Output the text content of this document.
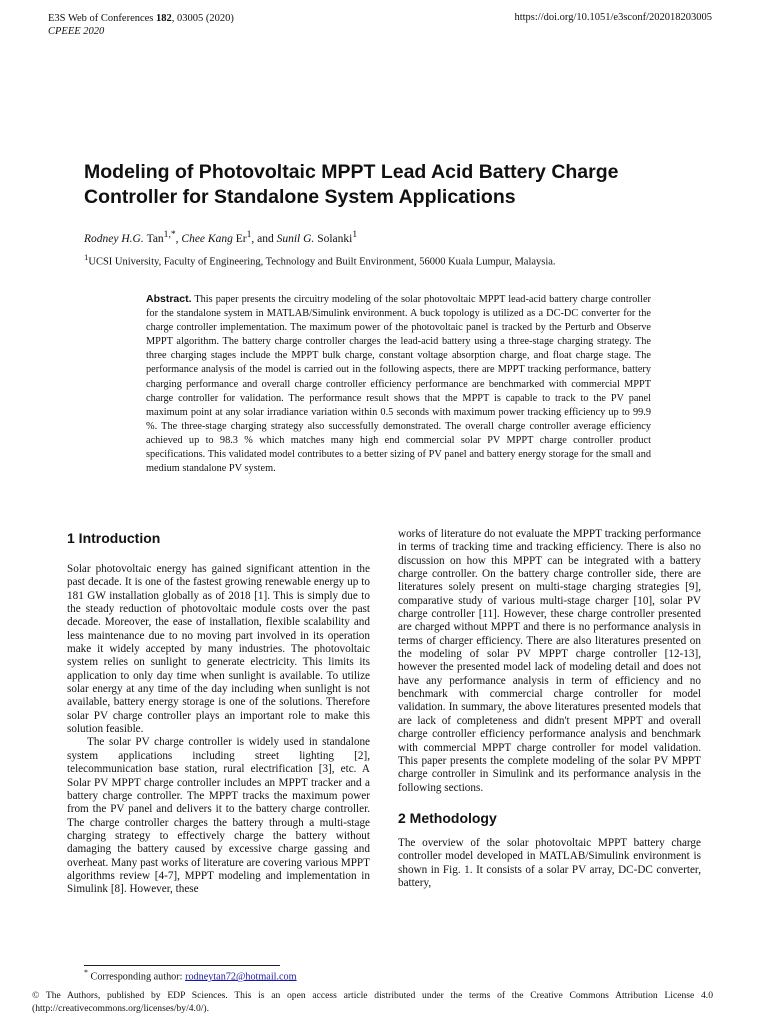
E3S Web of Conferences 182, 03005 (2020)
CPEEE 2020
https://doi.org/10.1051/e3sconf/202018203005
Modeling of Photovoltaic MPPT Lead Acid Battery Charge Controller for Standalone System Applications
Rodney H.G. Tan$^{1,*}$, Chee Kang Er$^1$, and Sunil G. Solanki$^1$
$^1$UCSI University, Faculty of Engineering, Technology and Built Environment, 56000 Kuala Lumpur, Malaysia.

Abstract. This paper presents the circuitry modeling of the solar photovoltaic MPPT lead-acid battery charge controller for the standalone system in MATLAB/Simulink environment. A buck topology is utilized as a DC-DC converter for the charge controller implementation. The maximum power of the photovoltaic panel is tracked by the Perturb and Observe MPPT algorithm. The battery charge controller charges the lead-acid battery using a three-stage charging strategy. The three charging stages include the MPPT bulk charge, constant voltage absorption charge, and float charge stage. The performance analysis of the model is carried out in the following aspects, there are MPPT tracking performance, battery charging performance and overall charge controller efficiency performance are benchmarked with commercial MPPT charge controller for validation. The performance result shows that the MPPT is capable to track to the PV panel maximum point at any solar irradiance variation within 0.5 seconds with maximum power tracking efficiency up to 99.9 %. The three-stage charging strategy also successfully demonstrated. The overall charge controller average efficiency achieved up to 98.3 % which matches many high end commercial solar PV MPPT charge controller product specifications. This validated model contributes to a better sizing of PV panel and battery energy storage for the small and medium standalone PV system.

1 Introduction

Solar photovoltaic energy has gained significant attention in the past decade. It is one of the fastest growing renewable energy up to 181 GW installation globally as of 2018 [1]. This is simply due to the steady reduction of photovoltaic module costs over the past decade. Moreover, the ease of installation, flexible scalability and less maintenance due to no moving part involved in its operation make it widely accepted by many industries. The photovoltaic system relies on sunlight to generate electricity. This limits its application to only day time when sunlight is available. To utilize solar energy at any time of the day including when sunlight is not available, battery energy storage is one of the solutions. Therefore solar PV charge controller plays an important role to make this solution feasible.

The solar PV charge controller is widely used in standalone system applications including street lighting [2], telecommunication base station, rural electrification [3], etc. A Solar PV MPPT charge controller includes an MPPT tracker and a battery charge controller. The MPPT tracks the maximum power from the PV panel and delivers it to the battery charge controller. The charge controller charges the battery through a multi-stage charging strategy to effectively charge the battery without damaging the battery caused by excessive charge gassing and overheat. Many past works of literature are covering various MPPT algorithms review [4-7], MPPT modeling and implementation in Simulink [8]. However, these

works of literature do not evaluate the MPPT tracking performance in terms of tracking time and tracking efficiency. There is also no discussion on how this MPPT can be integrated with a battery charge controller. On the battery charge controller side, there are literatures solely present on multi-stage charging strategies [9], comparative study of various multi-stage charger [10], solar PV charge controller [11]. However, these charge controller presented are charged without MPPT and there is no performance analysis in terms of charger efficiency. There are also literatures presented on the modeling of solar PV MPPT charge controller [12-13], however the presented model lack of modeling detail and does not have any performance analysis in term of efficiency and no benchmark with commercial charge controller for model validation. In summary, the above literatures presented models that are lack of completeness and didn't present MPPT and overall charge controller efficiency performance analysis and benchmark with commercial MPPT charge controller for model validation. This paper presents the complete modeling of the solar PV MPPT charge controller in Simulink and its performance analysis in the following sections.

2 Methodology

The overview of the solar photovoltaic MPPT battery charge controller model developed in MATLAB/Simulink environment is shown in Fig. 1. It consists of a solar PV array, DC-DC converter, battery,

* Corresponding author: rodneytan72@hotmail.com

© The Authors, published by EDP Sciences. This is an open access article distributed under the terms of the Creative Commons Attribution License 4.0 (http://creativecommons.org/licenses/by/4.0/).
